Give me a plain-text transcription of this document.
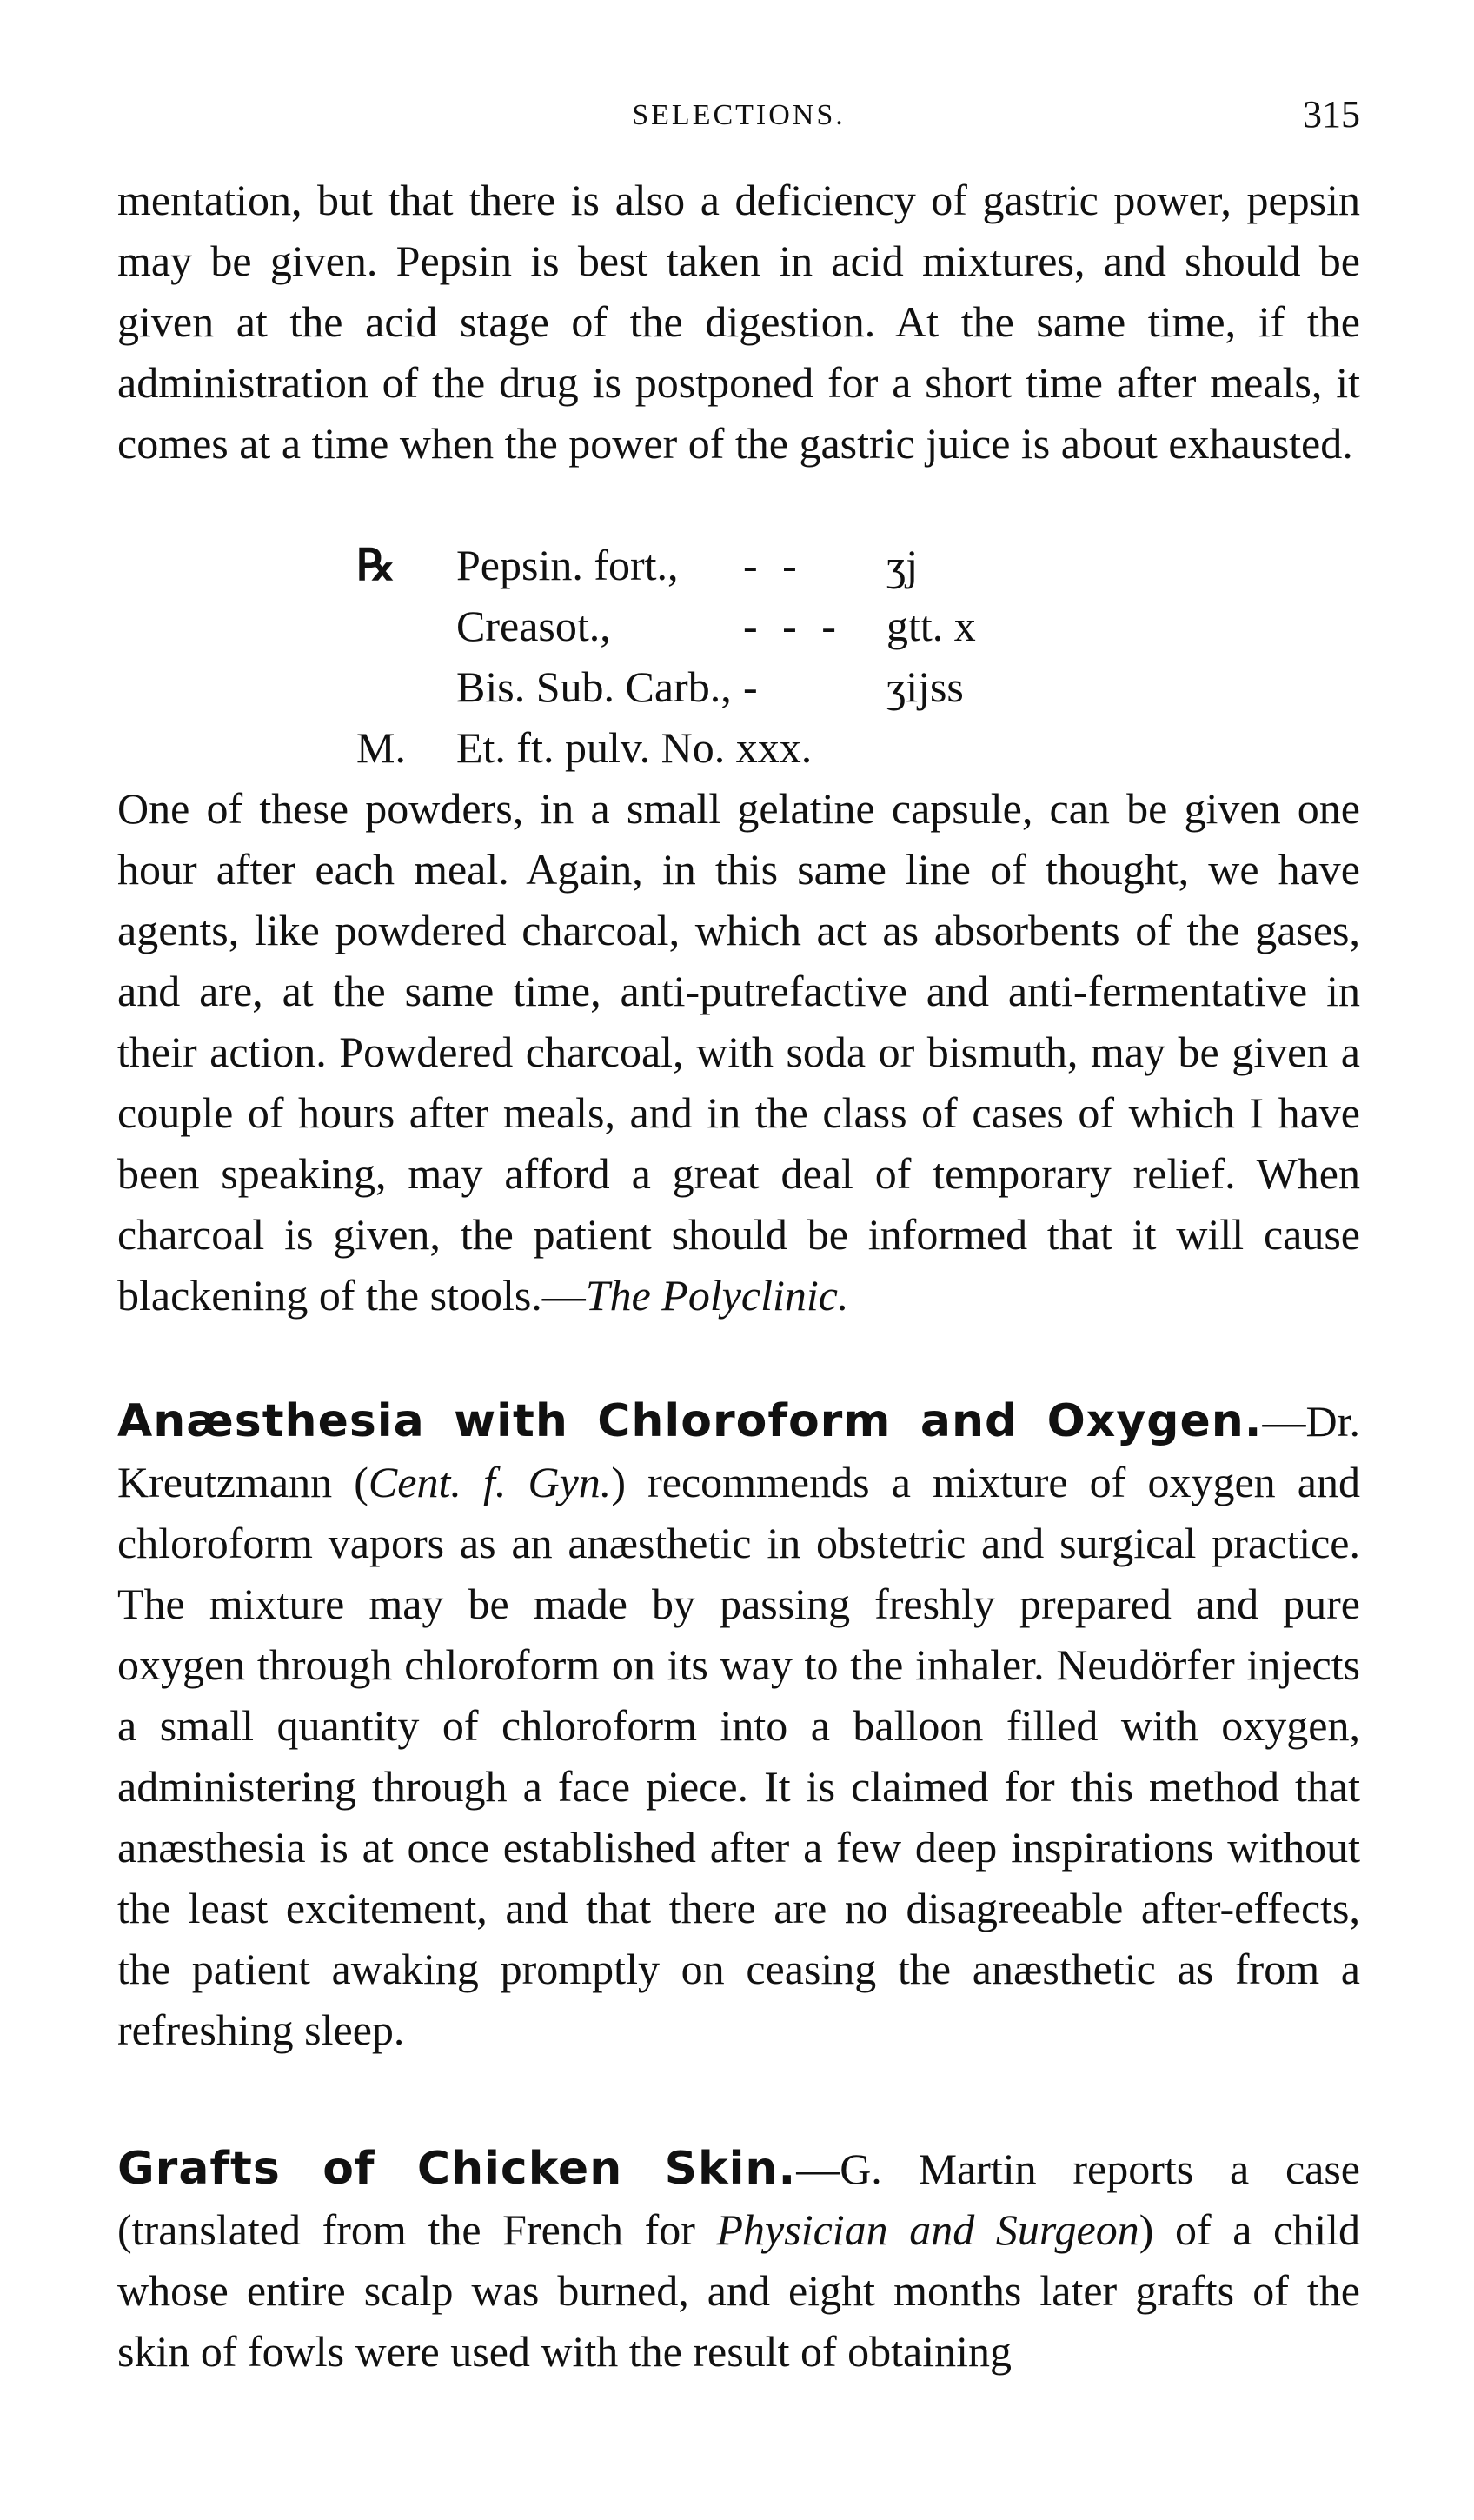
SELECTIONS.	315

mentation, but that there is also a deficiency of gastric power, pepsin may be given. Pepsin is best taken in acid mixtures, and should be given at the acid stage of the digestion. At the same time, if the administration of the drug is postponed for a short time after meals, it comes at a time when the power of the gastric juice is about exhausted.

℞	Pepsin. fort., - - ʒj
Creasot.,	- - - gtt. x
Bis. Sub. Carb., -	ʒijss
M. Et. ft. pulv. No. xxx.

One of these powders, in a small gelatine capsule, can be given one hour after each meal. Again, in this same line of thought, we have agents, like powdered charcoal, which act as absorbents of the gases, and are, at the same time, anti-putrefactive and anti-fermentative in their action. Powdered charcoal, with soda or bismuth, may be given a couple of hours after meals, and in the class of cases of which I have been speaking, may afford a great deal of temporary relief. When charcoal is given, the patient should be informed that it will cause blackening of the stools.—The Polyclinic.

Anæsthesia with Chloroform and Oxygen.—Dr. Kreutzmann (Cent. f. Gyn.) recommends a mixture of oxygen and chloroform vapors as an anæsthetic in obstetric and surgical practice. The mixture may be made by passing freshly prepared and pure oxygen through chloroform on its way to the inhaler. Neudörfer injects a small quantity of chloroform into a balloon filled with oxygen, administering through a face piece. It is claimed for this method that anæsthesia is at once established after a few deep inspirations without the least excitement, and that there are no disagreeable after-effects, the patient awaking promptly on ceasing the anæsthetic as from a refreshing sleep.

Grafts of Chicken Skin.—G. Martin reports a case (translated from the French for Physician and Surgeon) of a child whose entire scalp was burned, and eight months later grafts of the skin of fowls were used with the result of obtaining
